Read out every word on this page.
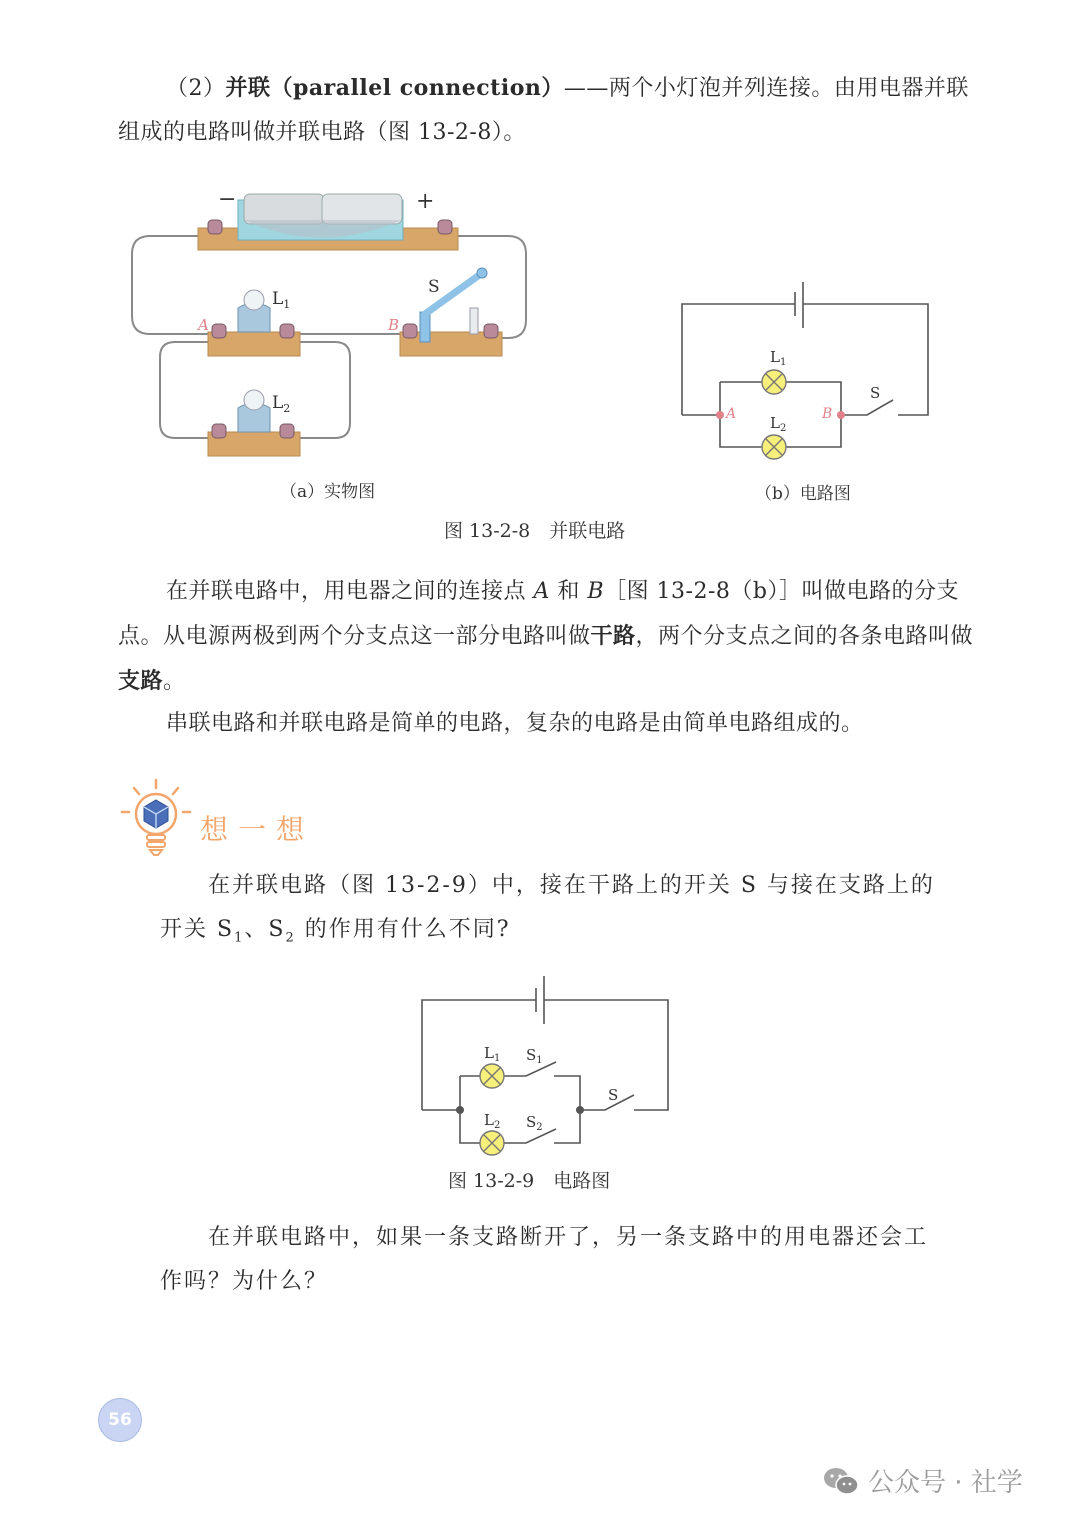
（2）并联（parallel connection）——两个小灯泡并列连接。由用电器并联组成的电路叫做并联电路（图 13-2-8）。
−	+
$L_1$
A
$L_2$
S
B
（a）实物图
A	B
$L_1$
$L_2$
S
（b）电路图
图 13-2-8　并联电路
在并联电路中，用电器之间的连接点 A 和 B［图 13-2-8（b）］叫做电路的分支点。从电源两极到两个分支点这一部分电路叫做干路，两个分支点之间的各条电路叫做支路。
串联电路和并联电路是简单的电路，复杂的电路是由简单电路组成的。
想一想
在并联电路（图 13-2-9）中，接在干路上的开关 S 与接在支路上的开关 $S_1$、$S_2$ 的作用有什么不同?
$L_1$
$L_2$
$S_1$
$S_2$
S
图 13-2-9　电路图
在并联电路中，如果一条支路断开了，另一条支路中的用电器还会工作吗？为什么？
56
公众号 · 社学
